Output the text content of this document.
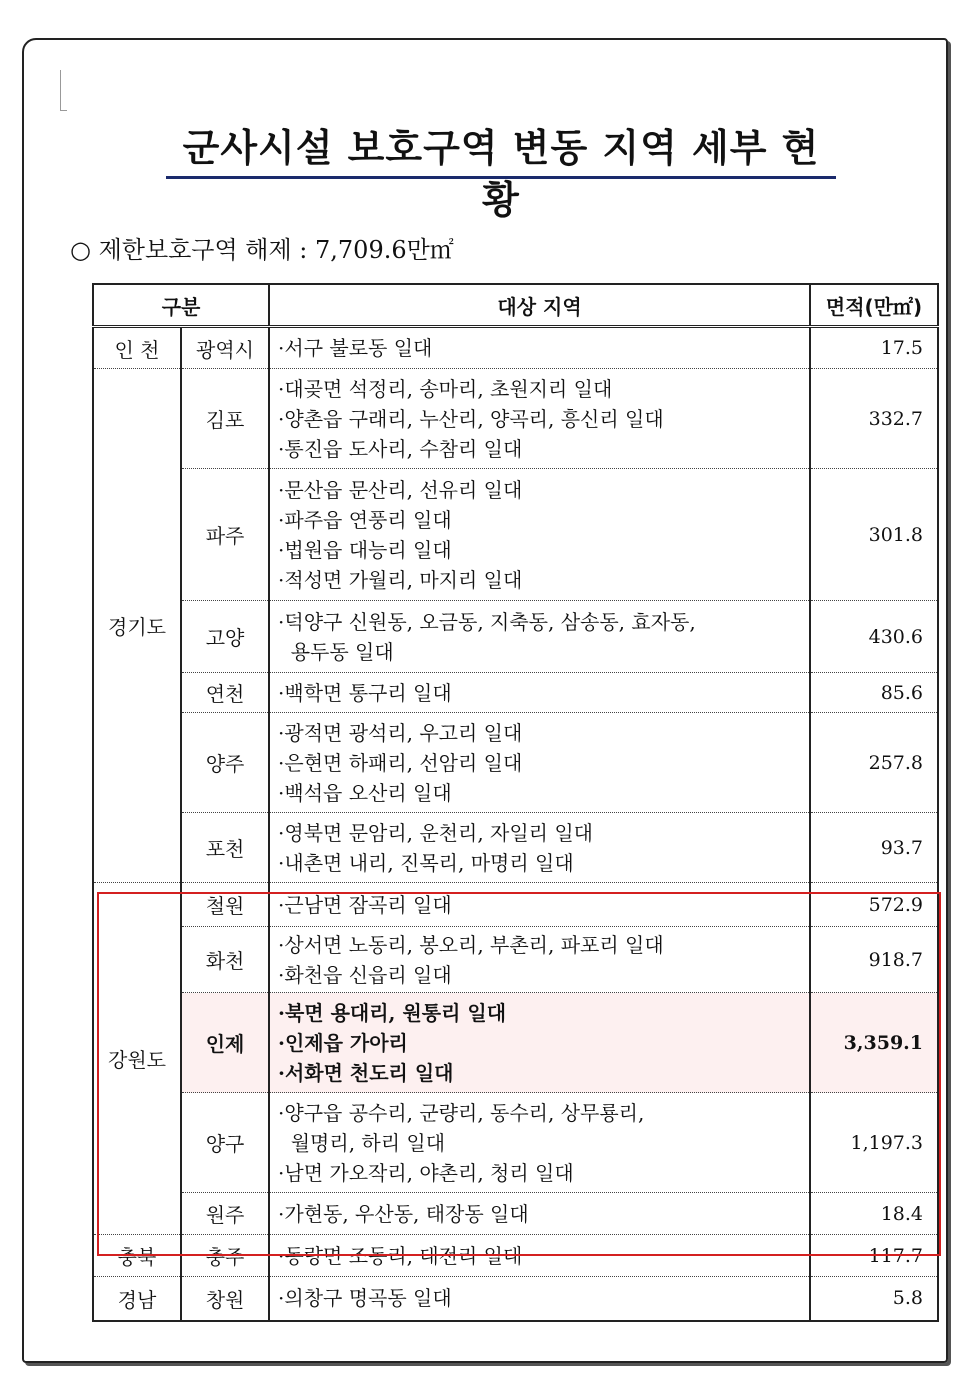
군사시설 보호구역 변동 지역 세부 현황
○ 제한보호구역 해제 : 7,709.6만㎡
구분		대상 지역	면적(만㎡)
인 천	광역시	·서구 불로동 일대	17.5
경기도	김포	·대곶면 석정리, 송마리, 초원지리 일대
·양촌읍 구래리, 누산리, 양곡리, 흥신리 일대
·통진읍 도사리, 수참리 일대	332.7
	파주	·문산읍 문산리, 선유리 일대
·파주읍 연풍리 일대
·법원읍 대능리 일대
·적성면 가월리, 마지리 일대	301.8
	고양	·덕양구 신원동, 오금동, 지축동, 삼송동, 효자동,
용두동 일대	430.6
	연천	·백학면 통구리 일대	85.6
	양주	·광적면 광석리, 우고리 일대
·은현면 하패리, 선암리 일대
·백석읍 오산리 일대	257.8
	포천	·영북면 문암리, 운천리, 자일리 일대
·내촌면 내리, 진목리, 마명리 일대	93.7
강원도	철원	·근남면 잠곡리 일대	572.9
	화천	·상서면 노동리, 봉오리, 부촌리, 파포리 일대
·화천읍 신읍리 일대	918.7
	인제	·북면 용대리, 원통리 일대
·인제읍 가아리
·서화면 천도리 일대	3,359.1
	양구	·양구읍 공수리, 군량리, 동수리, 상무룡리,
월명리, 하리 일대
·남면 가오작리, 야촌리, 청리 일대	1,197.3
	원주	·가현동, 우산동, 태장동 일대	18.4
충북	충주	·동량면 조동리, 대전리 일대	117.7
경남	창원	·의창구 명곡동 일대	5.8
